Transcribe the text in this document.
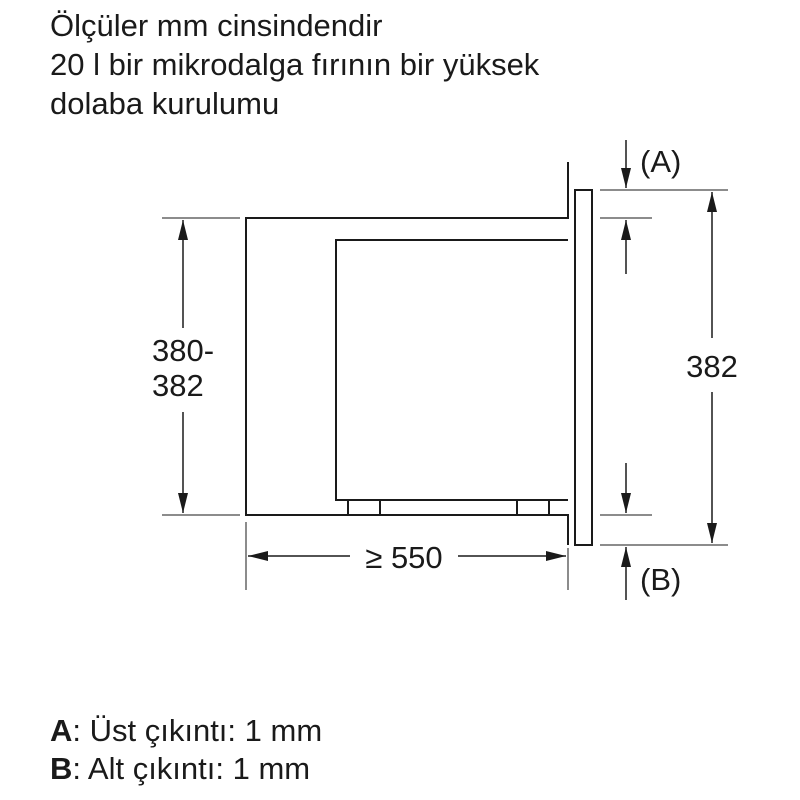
Ölçüler mm cinsindendir
20 l bir mikrodalga fırının bir yüksek
dolaba kurulumu
380-
382
382
≥ 550
(A)
(B)
A: Üst çıkıntı: 1 mm
B: Alt çıkıntı: 1 mm
